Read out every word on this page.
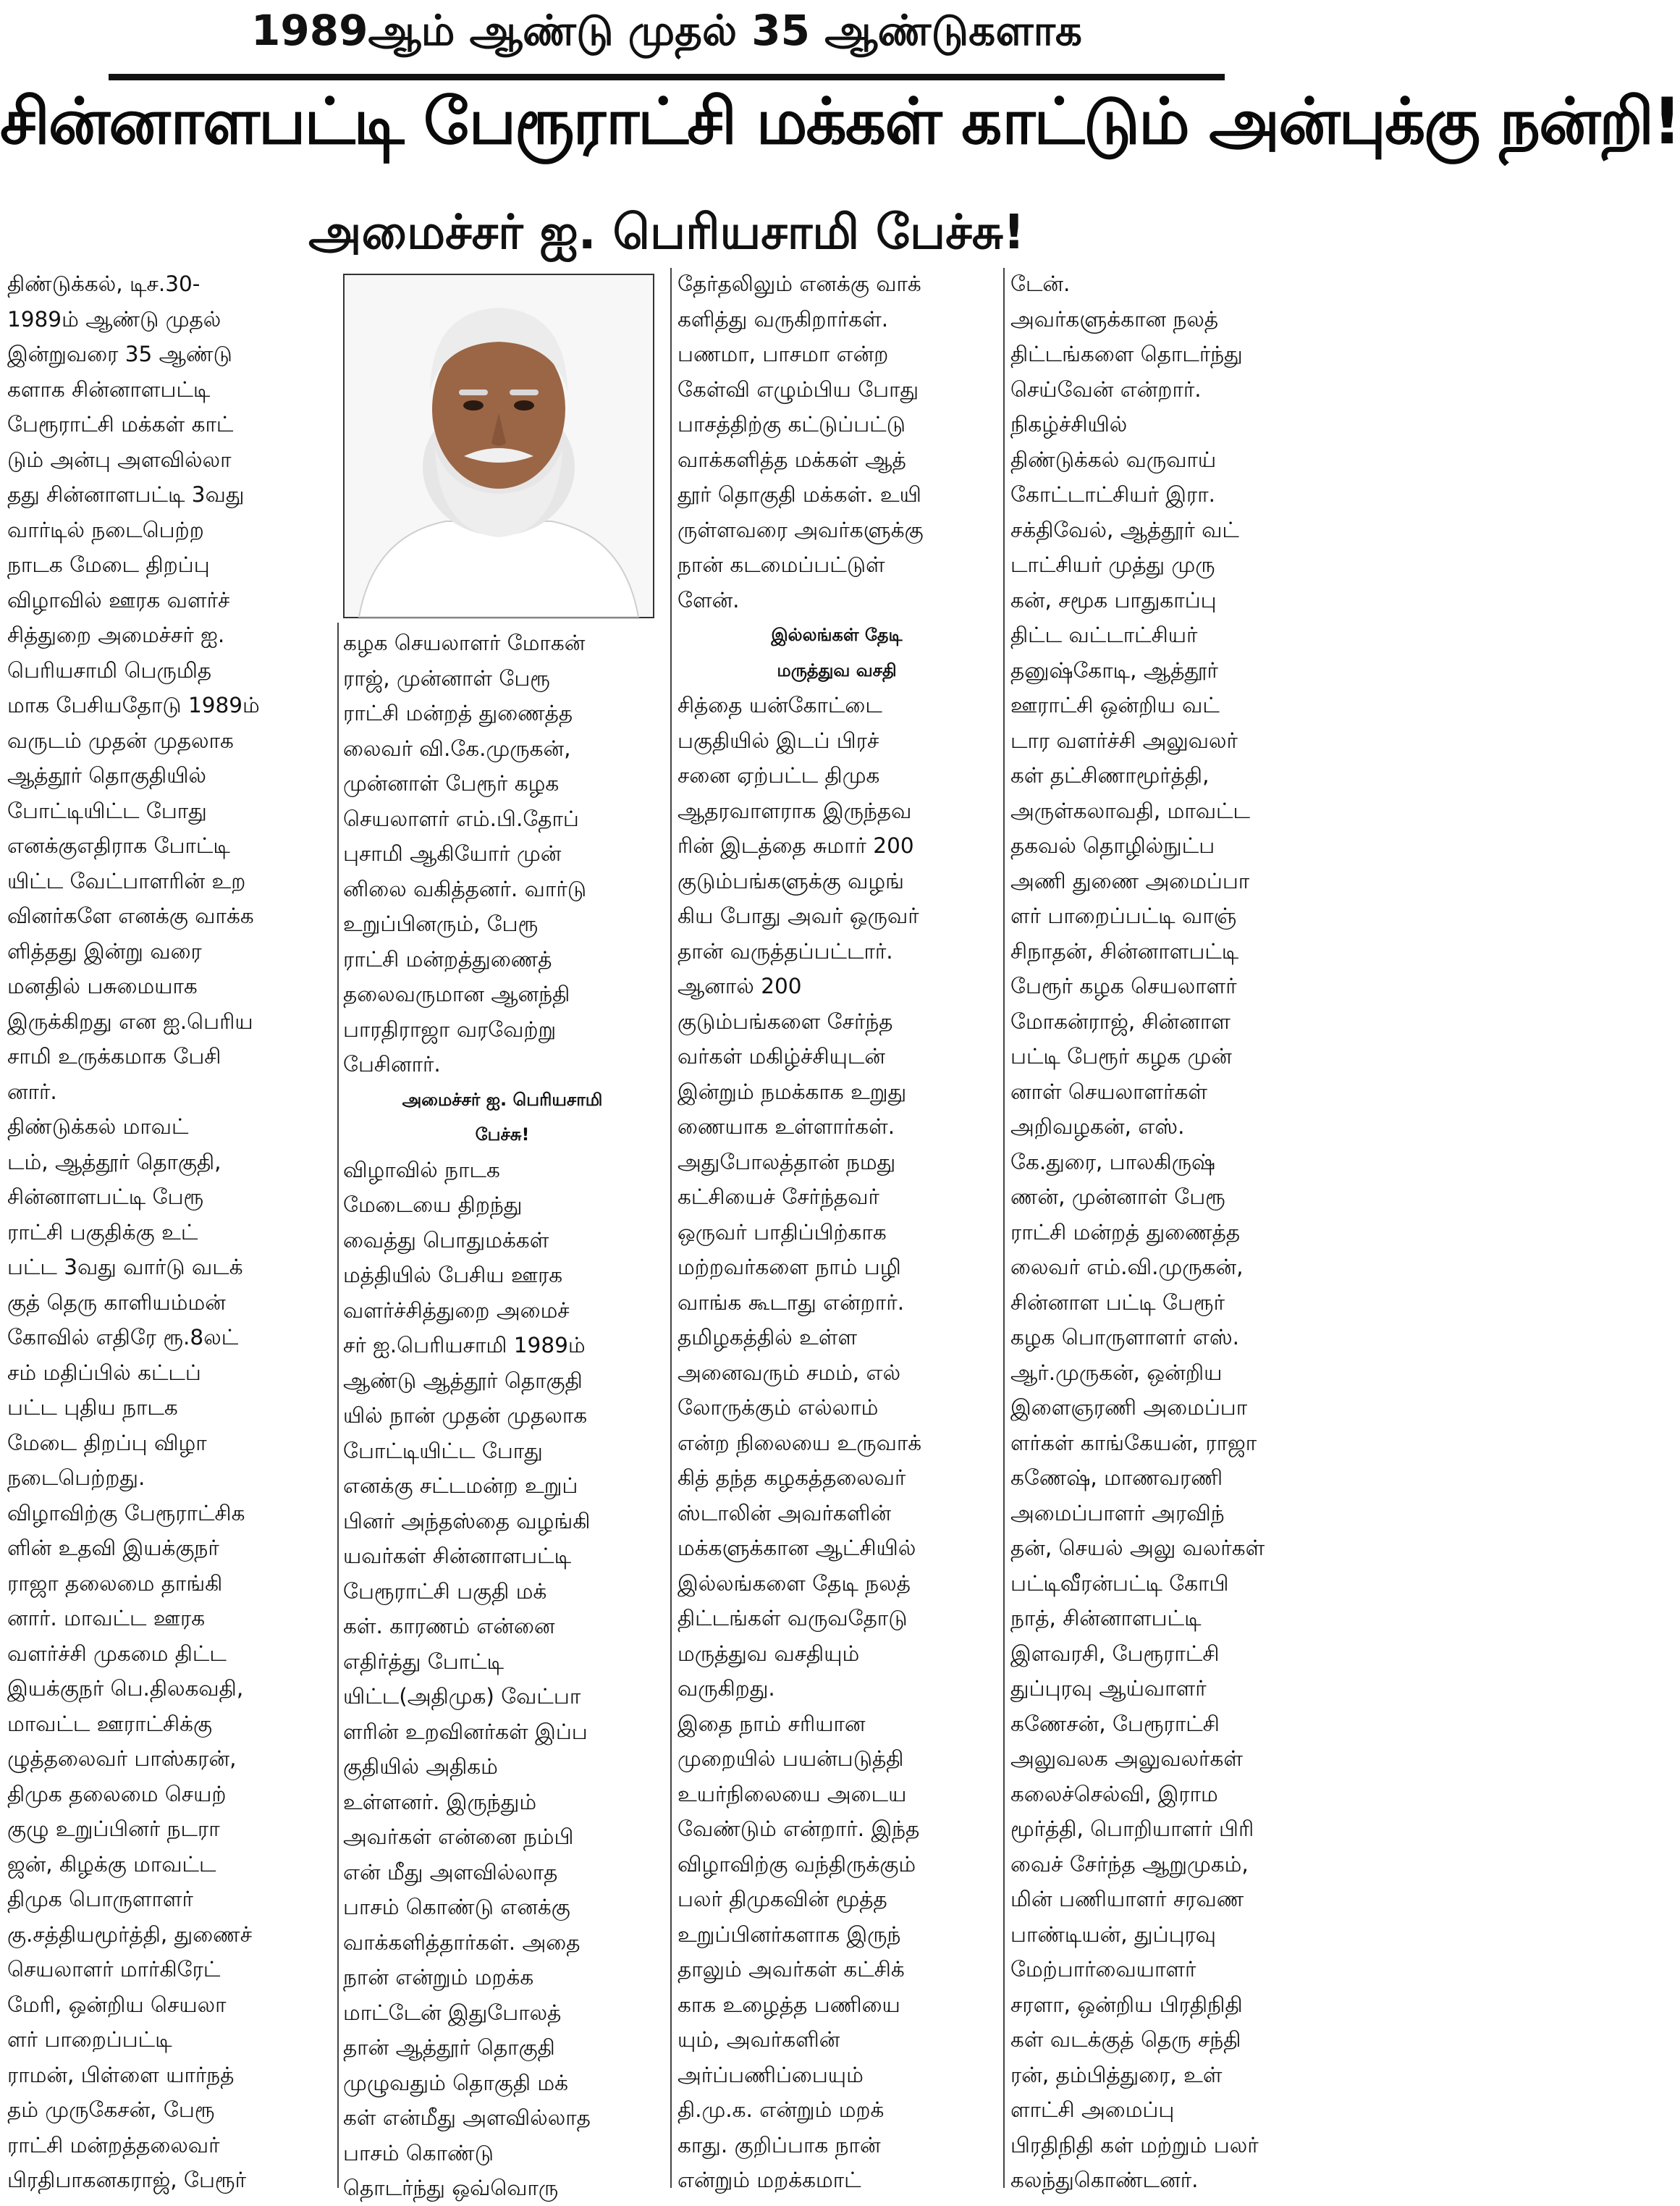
1989ஆம் ஆண்டு முதல் 35 ஆண்டுகளாக
சின்னாளபட்டி பேரூராட்சி மக்கள் காட்டும் அன்புக்கு நன்றி!
அமைச்சர் ஐ. பெரியசாமி பேச்சு!
திண்டுக்கல், டிச.30-
1989ம் ஆண்டு முதல்
இன்றுவரை 35 ஆண்டு
களாக சின்னாளபட்டி
பேரூராட்சி மக்கள் காட்
டும் அன்பு அளவில்லா
தது சின்னாளபட்டி 3வது
வார்டில் நடைபெற்ற
நாடக மேடை திறப்பு
விழாவில் ஊரக வளர்ச்
சித்துறை அமைச்சர் ஐ.
பெரியசாமி பெருமித
மாக பேசியதோடு 1989ம்
வருடம் முதன் முதலாக
ஆத்தூர் தொகுதியில்
போட்டியிட்ட போது
எனக்குஎதிராக போட்டி
யிட்ட வேட்பாளரின் உற
வினர்களே எனக்கு வாக்க
ளித்தது இன்று வரை
மனதில் பசுமையாக
இருக்கிறது என ஐ.பெரிய
சாமி உருக்கமாக பேசி
னார்.
திண்டுக்கல் மாவட்
டம், ஆத்தூர் தொகுதி,
சின்னாளபட்டி பேரூ
ராட்சி பகுதிக்கு உட்
பட்ட 3வது வார்டு வடக்
குத் தெரு காளியம்மன்
கோவில் எதிரே ரூ.8லட்
சம் மதிப்பில் கட்டப்
பட்ட புதிய நாடக
மேடை திறப்பு விழா
நடைபெற்றது.
விழாவிற்கு பேரூராட்சிக
ளின் உதவி இயக்குநர்
ராஜா தலைமை தாங்கி
னார். மாவட்ட ஊரக
வளர்ச்சி முகமை திட்ட
இயக்குநர் பெ.திலகவதி,
மாவட்ட ஊராட்சிக்கு
ழுத்தலைவர் பாஸ்கரன்,
திமுக தலைமை செயற்
குழு உறுப்பினர் நடரா
ஜன், கிழக்கு மாவட்ட
திமுக பொருளாளர்
கு.சத்தியமூர்த்தி, துணைச்
செயலாளர் மார்கிரேட்
மேரி, ஒன்றிய செயலா
ளர் பாறைப்பட்டி
ராமன், பிள்ளை யார்நத்
தம் முருகேசன், பேரூ
ராட்சி மன்றத்தலைவர்
பிரதிபாகனகராஜ், பேரூர்
கழக செயலாளர் மோகன்
ராஜ், முன்னாள் பேரூ
ராட்சி மன்றத் துணைத்த
லைவர் வி.கே.முருகன்,
முன்னாள் பேரூர் கழக
செயலாளர் எம்.பி.தோப்
புசாமி ஆகியோர் முன்
னிலை வகித்தனர். வார்டு
உறுப்பினரும், பேரூ
ராட்சி மன்றத்துணைத்
தலைவருமான ஆனந்தி
பாரதிராஜா வரவேற்று
பேசினார்.
அமைச்சர் ஐ. பெரியசாமி
பேச்சு!
விழாவில் நாடக
மேடையை திறந்து
வைத்து பொதுமக்கள்
மத்தியில் பேசிய ஊரக
வளர்ச்சித்துறை அமைச்
சர் ஐ.பெரியசாமி 1989ம்
ஆண்டு ஆத்தூர் தொகுதி
யில் நான் முதன் முதலாக
போட்டியிட்ட போது
எனக்கு சட்டமன்ற உறுப்
பினர் அந்தஸ்தை வழங்கி
யவர்கள் சின்னாளபட்டி
பேரூராட்சி பகுதி மக்
கள். காரணம் என்னை
எதிர்த்து போட்டி
யிட்ட(அதிமுக) வேட்பா
ளரின் உறவினர்கள் இப்ப
குதியில் அதிகம்
உள்ளனர். இருந்தும்
அவர்கள் என்னை நம்பி
என் மீது அளவில்லாத
பாசம் கொண்டு எனக்கு
வாக்களித்தார்கள். அதை
நான் என்றும் மறக்க
மாட்டேன் இதுபோலத்
தான் ஆத்தூர் தொகுதி
முழுவதும் தொகுதி மக்
கள் என்மீது அளவில்லாத
பாசம் கொண்டு
தொடர்ந்து ஒவ்வொரு
தேர்தலிலும் எனக்கு வாக்
களித்து வருகிறார்கள்.
பணமா, பாசமா என்ற
கேள்வி எழும்பிய போது
பாசத்திற்கு கட்டுப்பட்டு
வாக்களித்த மக்கள் ஆத்
தூர் தொகுதி மக்கள். உயி
ருள்ளவரை அவர்களுக்கு
நான் கடமைப்பட்டுள்
ளேன்.
இல்லங்கள் தேடி
மருத்துவ வசதி
சித்தை யன்கோட்டை
பகுதியில் இடப் பிரச்
சனை ஏற்பட்ட திமுக
ஆதரவாளராக இருந்தவ
ரின் இடத்தை சுமார் 200
குடும்பங்களுக்கு வழங்
கிய போது அவர் ஒருவர்
தான் வருத்தப்பட்டார்.
ஆனால் 200
குடும்பங்களை சேர்ந்த
வர்கள் மகிழ்ச்சியுடன்
இன்றும் நமக்காக உறுது
ணையாக உள்ளார்கள்.
அதுபோலத்தான் நமது
கட்சியைச் சேர்ந்தவர்
ஒருவர் பாதிப்பிற்காக
மற்றவர்களை நாம் பழி
வாங்க கூடாது என்றார்.
தமிழகத்தில் உள்ள
அனைவரும் சமம், எல்
லோருக்கும் எல்லாம்
என்ற நிலையை உருவாக்
கித் தந்த கழகத்தலைவர்
ஸ்டாலின் அவர்களின்
மக்களுக்கான ஆட்சியில்
இல்லங்களை தேடி நலத்
திட்டங்கள் வருவதோடு
மருத்துவ வசதியும்
வருகிறது.
இதை நாம் சரியான
முறையில் பயன்படுத்தி
உயர்நிலையை அடைய
வேண்டும் என்றார். இந்த
விழாவிற்கு வந்திருக்கும்
பலர் திமுகவின் மூத்த
உறுப்பினர்களாக இருந்
தாலும் அவர்கள் கட்சிக்
காக உழைத்த பணியை
யும், அவர்களின்
அர்ப்பணிப்பையும்
தி.மு.க. என்றும் மறக்
காது. குறிப்பாக நான்
என்றும் மறக்கமாட்
டேன்.
அவர்களுக்கான நலத்
திட்டங்களை தொடர்ந்து
செய்வேன் என்றார்.
நிகழ்ச்சியில்
திண்டுக்கல் வருவாய்
கோட்டாட்சியர் இரா.
சக்திவேல், ஆத்தூர் வட்
டாட்சியர் முத்து முரு
கன், சமூக பாதுகாப்பு
திட்ட வட்டாட்சியர்
தனுஷ்கோடி, ஆத்தூர்
ஊராட்சி ஒன்றிய வட்
டார வளர்ச்சி அலுவலர்
கள் தட்சிணாமூர்த்தி,
அருள்கலாவதி, மாவட்ட
தகவல் தொழில்நுட்ப
அணி துணை அமைப்பா
ளர் பாறைப்பட்டி வாஞ்
சிநாதன், சின்னாளபட்டி
பேரூர் கழக செயலாளர்
மோகன்ராஜ், சின்னாள
பட்டி பேரூர் கழக முன்
னாள் செயலாளர்கள்
அறிவழகன், எஸ்.
கே.துரை, பாலகிருஷ்
ணன், முன்னாள் பேரூ
ராட்சி மன்றத் துணைத்த
லைவர் எம்.வி.முருகன்,
சின்னாள பட்டி பேரூர்
கழக பொருளாளர் எஸ்.
ஆர்.முருகன், ஒன்றிய
இளைஞரணி அமைப்பா
ளர்கள் காங்கேயன், ராஜா
கணேஷ், மாணவரணி
அமைப்பாளர் அரவிந்
தன், செயல் அலு வலர்கள்
பட்டிவீரன்பட்டி கோபி
நாத், சின்னாளபட்டி
இளவரசி, பேரூராட்சி
துப்புரவு ஆய்வாளர்
கணேசன், பேரூராட்சி
அலுவலக அலுவலர்கள்
கலைச்செல்வி, இராம
மூர்த்தி, பொறியாளர் பிரி
வைச் சேர்ந்த ஆறுமுகம்,
மின் பணியாளர் சரவண
பாண்டியன், துப்புரவு
மேற்பார்வையாளர்
சரளா, ஒன்றிய பிரதிநிதி
கள் வடக்குத் தெரு சந்தி
ரன், தம்பித்துரை, உள்
ளாட்சி அமைப்பு
பிரதிநிதி கள் மற்றும் பலர்
கலந்துகொண்டனர்.
